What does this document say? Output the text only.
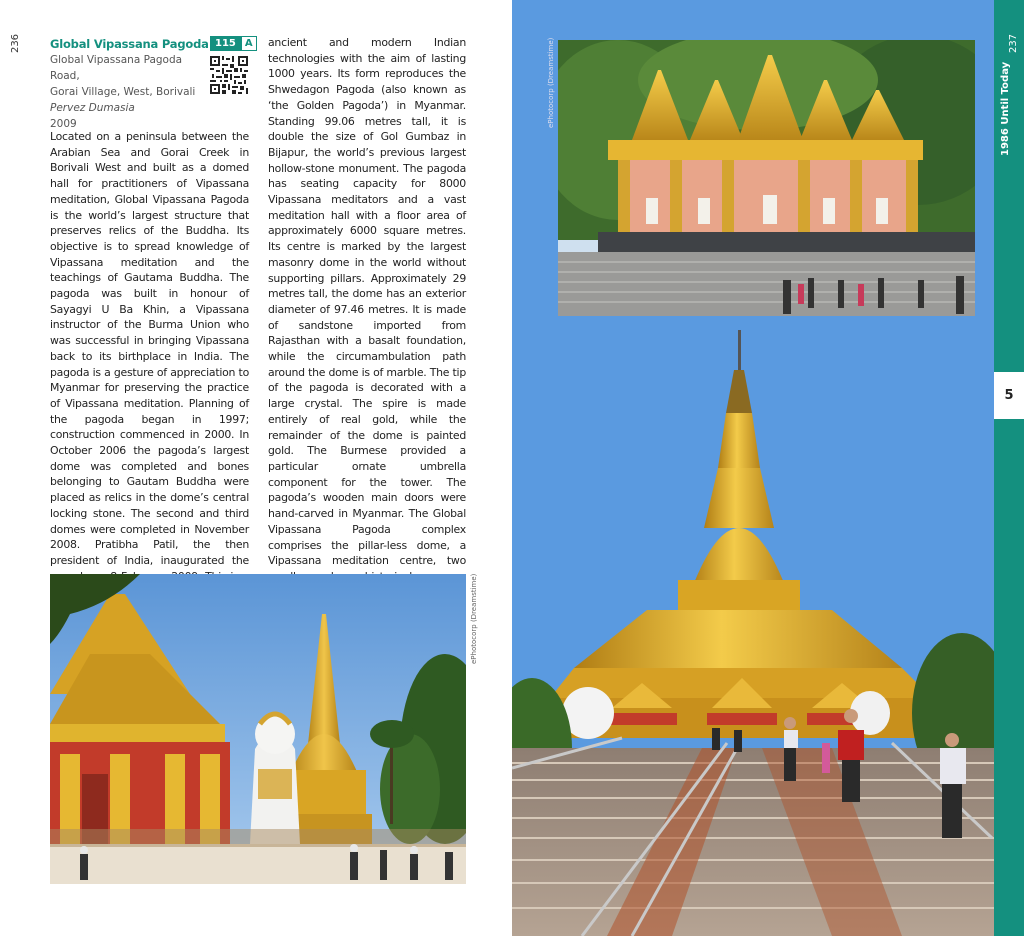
236	Global Vipassana Pagoda
Global Vipassana Pagoda Road,
Gorai Village, West, Borivali
Pervez Dumasia
2009
115 A
Located on a peninsula between the Arabian Sea and Gorai Creek in Borivali West and built as a domed hall for practitioners of Vipassana meditation, Global Vipassana Pagoda is the world’s largest structure that preserves relics of the Buddha. Its objective is to spread knowledge of Vipassana meditation and the teachings of Gautama Buddha. The pagoda was built in honour of Sayagyi U Ba Khin, a Vipassana instructor of the Burma Union who was successful in bringing Vipassana back to its birthplace in India. The pagoda is a gesture of appreciation to Myanmar for preserving the practice of Vipassana meditation. Planning of the pagoda began in 1997; construction commenced in 2000. In October 2006 the pagoda’s largest dome was completed and bones belonging to Gautam Buddha were placed as relics in the dome’s central locking stone. The second and third domes were completed in November 2008. Pratibha Patil, the then president of India, inaugurated the
ancient and modern Indian technologies with the aim of lasting 1000 years. Its form reproduces the Shwedagon Pagoda (also known as ‘the Golden Pagoda’) in Myanmar. Standing 99.06 metres tall, it is double the size of Gol Gumbaz in Bijapur, the world’s previous largest hollow-stone monument. The pagoda has seating capacity for 8000 Vipassana meditators and a vast meditation hall with a floor area of approximately 6000 square metres. Its centre is marked by the largest masonry dome in the world without supporting pillars. Approximately 29 metres tall, the dome has an exterior diameter of 97.46 metres. It is made of sandstone imported from Rajasthan with a basalt foundation, while the circumambulation path around the dome is of marble. The tip of the pagoda is decorated with a large crystal. The spire is made entirely of real gold, while the remainder of the dome is painted gold. The Burmese provided a particular ornate umbrella component for the tower. The pagoda’s wooden main doors were hand-carved in Myanmar. The Global Vipassana Pagoda complex comprises the pillar-less dome, a Vipassana meditation centre, two
ePhotocorp (Dreamstime)
ePhotocorp (Dreamstime)
237
1986 Until Today
5
